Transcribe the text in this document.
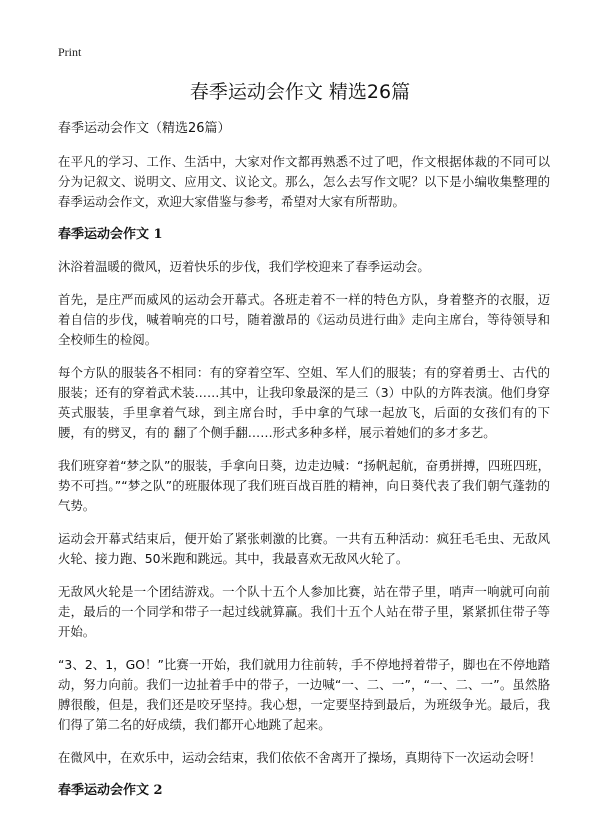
Print
春季运动会作文 精选26篇

春季运动会作文（精选26篇）

在平凡的学习、工作、生活中，大家对作文都再熟悉不过了吧，作文根据体裁的不同可以分为记叙文、说明文、应用文、议论文。那么，怎么去写作文呢？以下是小编收集整理的春季运动会作文，欢迎大家借鉴与参考，希望对大家有所帮助。

春季运动会作文 1

沐浴着温暖的微风，迈着快乐的步伐，我们学校迎来了春季运动会。

首先，是庄严而威风的运动会开幕式。各班走着不一样的特色方队，身着整齐的衣服，迈着自信的步伐，喊着响亮的口号，随着激昂的《运动员进行曲》走向主席台，等待领导和全校师生的检阅。

每个方队的服装各不相同：有的穿着空军、空姐、军人们的服装；有的穿着勇士、古代的服装；还有的穿着武术装……其中，让我印象最深的是三（3）中队的方阵表演。他们身穿英式服装，手里拿着气球，到主席台时，手中拿的气球一起放飞，后面的女孩们有的下腰，有的劈叉，有的 翻了个侧手翻……形式多种多样，展示着她们的多才多艺。

我们班穿着“梦之队”的服装，手拿向日葵，边走边喊：“扬帆起航，奋勇拼搏，四班四班，势不可挡。”“梦之队”的班服体现了我们班百战百胜的精神，向日葵代表了我们朝气蓬勃的气势。

运动会开幕式结束后，便开始了紧张刺激的比赛。一共有五种活动：疯狂毛毛虫、无敌风火轮、接力跑、50米跑和跳远。其中，我最喜欢无敌风火轮了。

无敌风火轮是一个团结游戏。一个队十五个人参加比赛，站在带子里，哨声一响就可向前走，最后的一个同学和带子一起过线就算赢。我们十五个人站在带子里，紧紧抓住带子等开始。

“3、2、1，GO！”比赛一开始，我们就用力往前转，手不停地捋着带子，脚也在不停地踏动，努力向前。我们一边扯着手中的带子，一边喊“一、二、一”，“一、二、一”。虽然胳膊很酸，但是，我们还是咬牙坚持。我心想，一定要坚持到最后，为班级争光。最后，我们得了第二名的好成绩，我们都开心地跳了起来。

在微风中，在欢乐中，运动会结束，我们依依不舍离开了操场，真期待下一次运动会呀！

春季运动会作文 2
